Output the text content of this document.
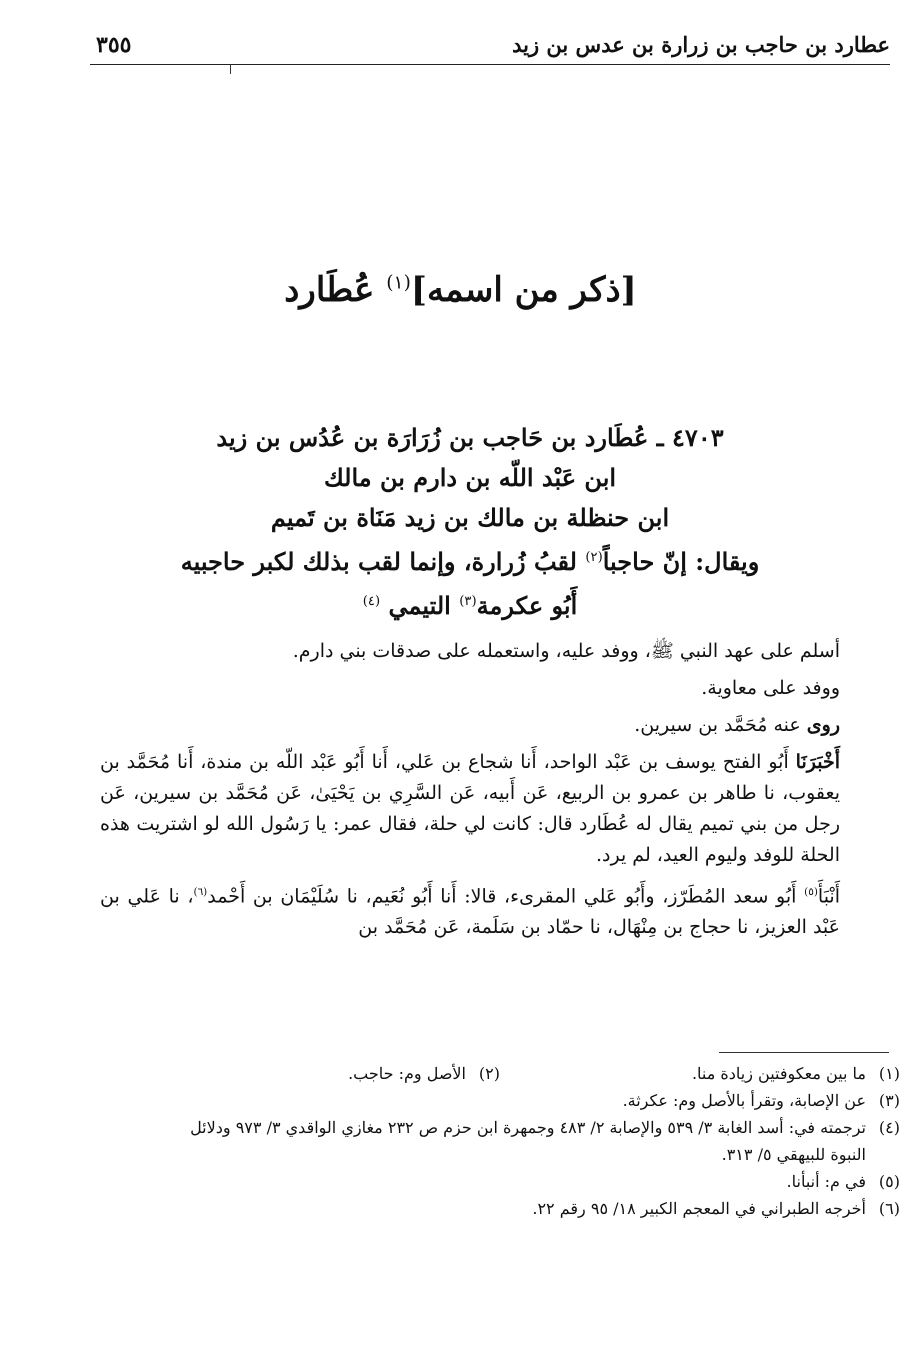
عطارد بن حاجب بن زرارة بن عدس بن زيد
٣٥٥
[ذكر من اسمه]$^{(١)}$ عُطَارد
٤٧٠٣ ـ عُطَارد بن حَاجب بن زُرَارَة بن عُدُس بن زيد
ابن عَبْد اللّه بن دارم بن مالك
ابن حنظلة بن مالك بن زيد مَنَاة بن تَميم
ويقال: إنّ حاجباً$^{(٢)}$ لقبُ زُرارة، وإنما لقب بذلك لكبر حاجبيه
أَبُو عكرمة$^{(٣)}$ التيمي $^{(٤)}$

أسلم على عهد النبي ﷺ، ووفد عليه، واستعمله على صدقات بني دارم.

ووفد على معاوية.

روى عنه مُحَمَّد بن سيرين.

أَخْبَرَنَا أَبُو الفتح يوسف بن عَبْد الواحد، أَنا شجاع بن عَلي، أَنا أَبُو عَبْد اللّه بن مندة، أَنا مُحَمَّد بن يعقوب، نا طاهر بن عمرو بن الربيع، عَن أَبيه، عَن السَّرِي بن يَحْيَىٰ، عَن مُحَمَّد بن سيرين، عَن رجل من بني تميم يقال له عُطَارد قال: كانت لي حلة، فقال عمر: يا رَسُول الله لو اشتريت هذه الحلة للوفد وليوم العيد، لم يرد.

أَنْبَأَ$^{(٥)}$ أَبُو سعد المُطَرّز، وأَبُو عَلي المقرىء، قالا: أَنا أَبُو نُعَيم، نا سُلَيْمَان بن أَحْمد$^{(٦)}$، نا عَلي بن عَبْد العزيز، نا حجاج بن مِنْهَال، نا حمّاد بن سَلَمة، عَن مُحَمَّد بن

(١)ما بين معكوفتين زيادة منا.
(٢)الأصل وم: حاجب.
(٣)عن الإصابة، وتقرأ بالأصل وم: عكرثة.
(٤)ترجمته في: أسد الغابة ٣/ ٥٣٩ والإصابة ٢/ ٤٨٣ وجمهرة ابن حزم ص ٢٣٢ مغازي الواقدي ٣/ ٩٧٣ ودلائل
النبوة للبيهقي ٥/ ٣١٣.
(٥)في م: أنبأنا.
(٦)أخرجه الطبراني في المعجم الكبير ١٨/ ٩٥ رقم ٢٢.
